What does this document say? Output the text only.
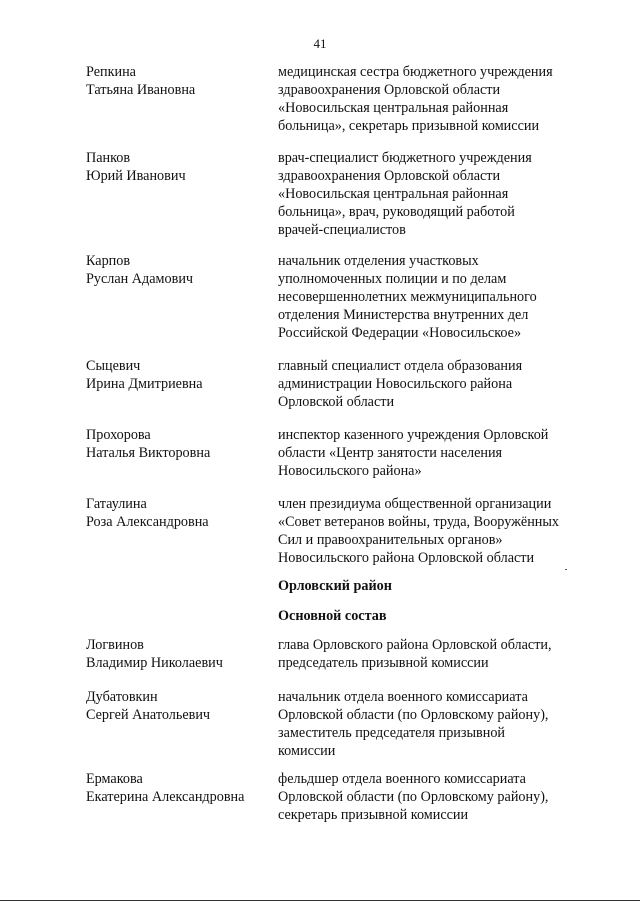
41
Репкина
Татьяна Ивановна
медицинская сестра бюджетного учреждения
здравоохранения Орловской области
«Новосильская центральная районная
больница», секретарь призывной комиссии
Панков
Юрий Иванович
врач-специалист бюджетного учреждения
здравоохранения Орловской области
«Новосильская центральная районная
больница», врач, руководящий работой
врачей-специалистов
Карпов
Руслан Адамович
начальник отделения участковых
уполномоченных полиции и по делам
несовершеннолетних межмуниципального
отделения Министерства внутренних дел
Российской Федерации «Новосильское»
Сыцевич
Ирина Дмитриевна
главный специалист отдела образования
администрации Новосильского района
Орловской области
Прохорова
Наталья Викторовна
инспектор казенного учреждения Орловской
области «Центр занятости населения
Новосильского района»
Гатаулина
Роза Александровна
член президиума общественной организации
«Совет ветеранов войны, труда, Вооружённых
Сил и правоохранительных органов»
Новосильского района Орловской области
Орловский район
Основной состав
Логвинов
Владимир Николаевич
глава Орловского района Орловской области,
председатель призывной комиссии
Дубатовкин
Сергей Анатольевич
начальник отдела военного комиссариата
Орловской области (по Орловскому району),
заместитель председателя призывной
комиссии
Ермакова
Екатерина Александровна
фельдшер отдела военного комиссариата
Орловской области (по Орловскому району),
секретарь призывной комиссии
